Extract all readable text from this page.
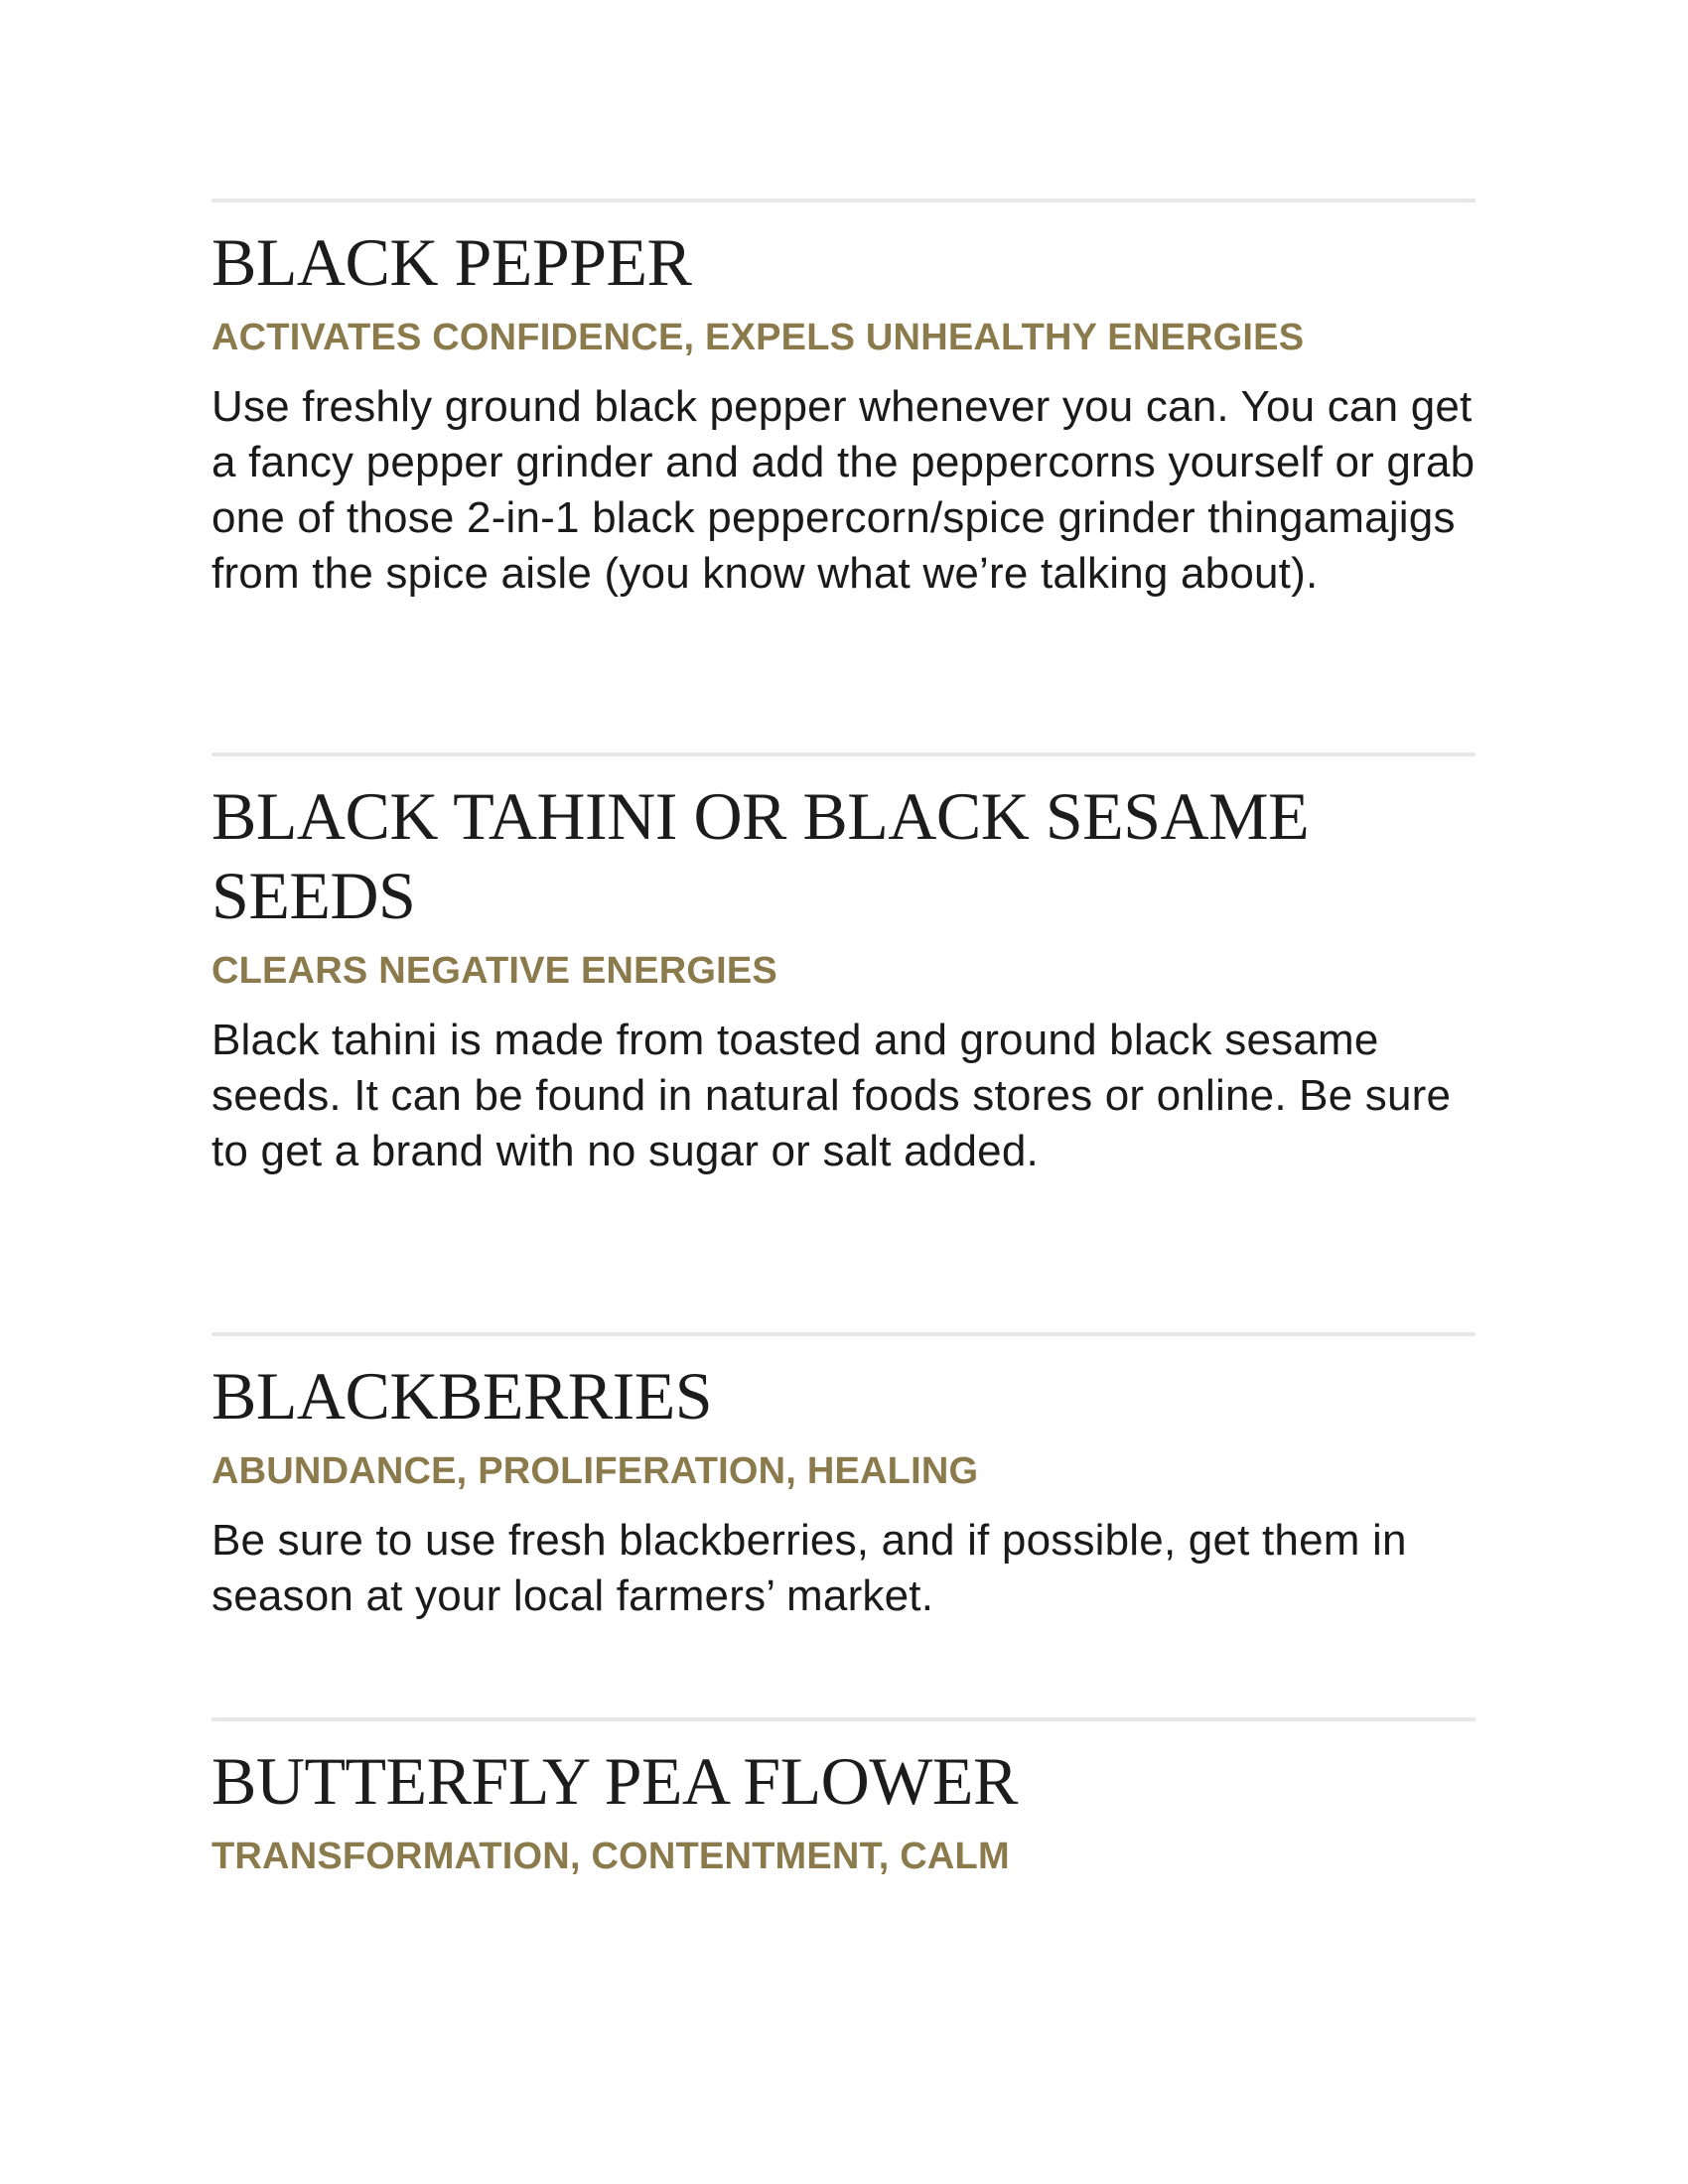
BLACK PEPPER
ACTIVATES CONFIDENCE, EXPELS UNHEALTHY ENERGIES

Use freshly ground black pepper whenever you can. You can get a fancy pepper grinder and add the peppercorns yourself or grab one of those 2-in-1 black peppercorn/spice grinder thingamajigs from the spice aisle (you know what we’re talking about).

BLACK TAHINI OR BLACK SESAME SEEDS
CLEARS NEGATIVE ENERGIES

Black tahini is made from toasted and ground black sesame seeds. It can be found in natural foods stores or online. Be sure to get a brand with no sugar or salt added.

BLACKBERRIES
ABUNDANCE, PROLIFERATION, HEALING

Be sure to use fresh blackberries, and if possible, get them in season at your local farmers’ market.

BUTTERFLY PEA FLOWER
TRANSFORMATION, CONTENTMENT, CALM
